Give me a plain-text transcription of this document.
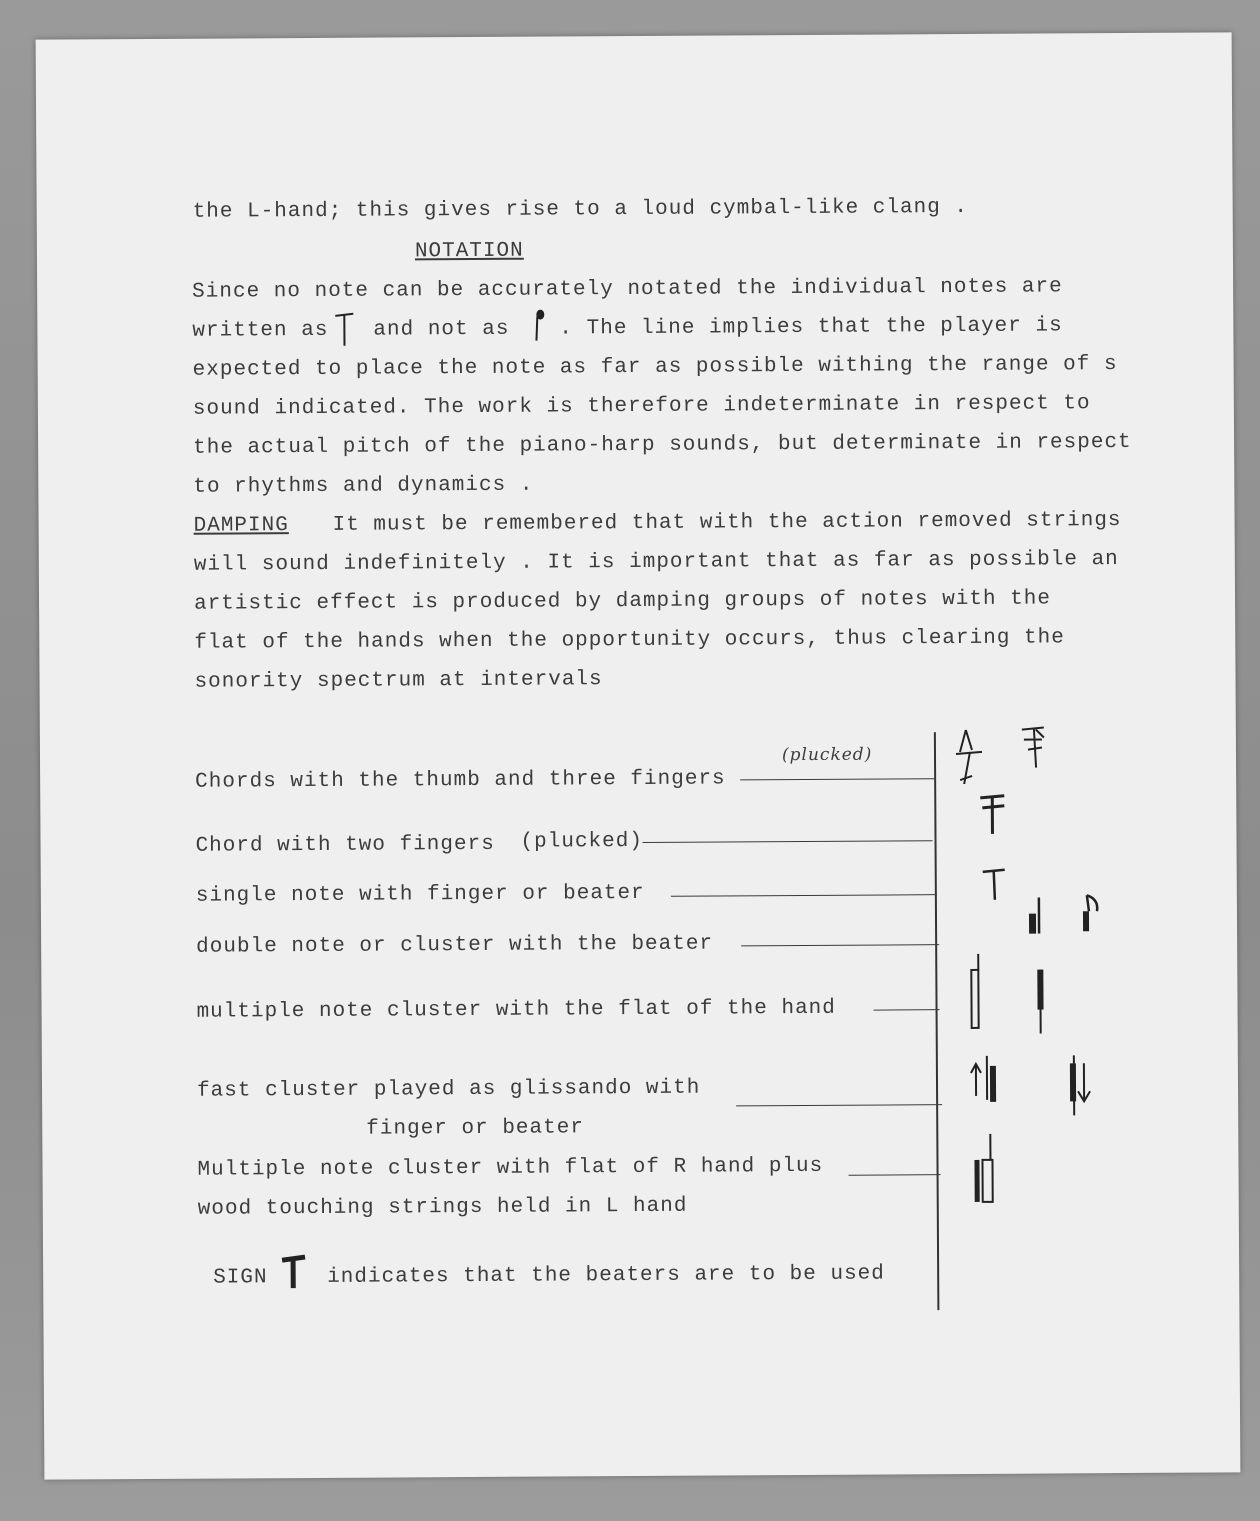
the L-hand; this gives rise to a loud cymbal-like clang .
NOTATION
Since no note can be accurately notated the individual notes are
written as and not as . The line implies that the player is
expected to place the note as far as possible withing the range of s
sound indicated. The work is therefore indeterminate in respect to
the actual pitch of the piano-harp sounds, but determinate in respect
to rhythms and dynamics .
DAMPING It must be remembered that with the action removed strings
will sound indefinitely . It is important that as far as possible an
artistic effect is produced by damping groups of notes with the
flat of the hands when the opportunity occurs, thus clearing the
sonority spectrum at intervals
Chords with the thumb and three fingers
(plucked)
Chord with two fingers (plucked)
single note with finger or beater
double note or cluster with the beater
multiple note cluster with the flat of the hand
fast cluster played as glissando with
finger or beater
Multiple note cluster with flat of R hand plus
wood touching strings held in L hand
SIGN	indicates that the beaters are to be used
